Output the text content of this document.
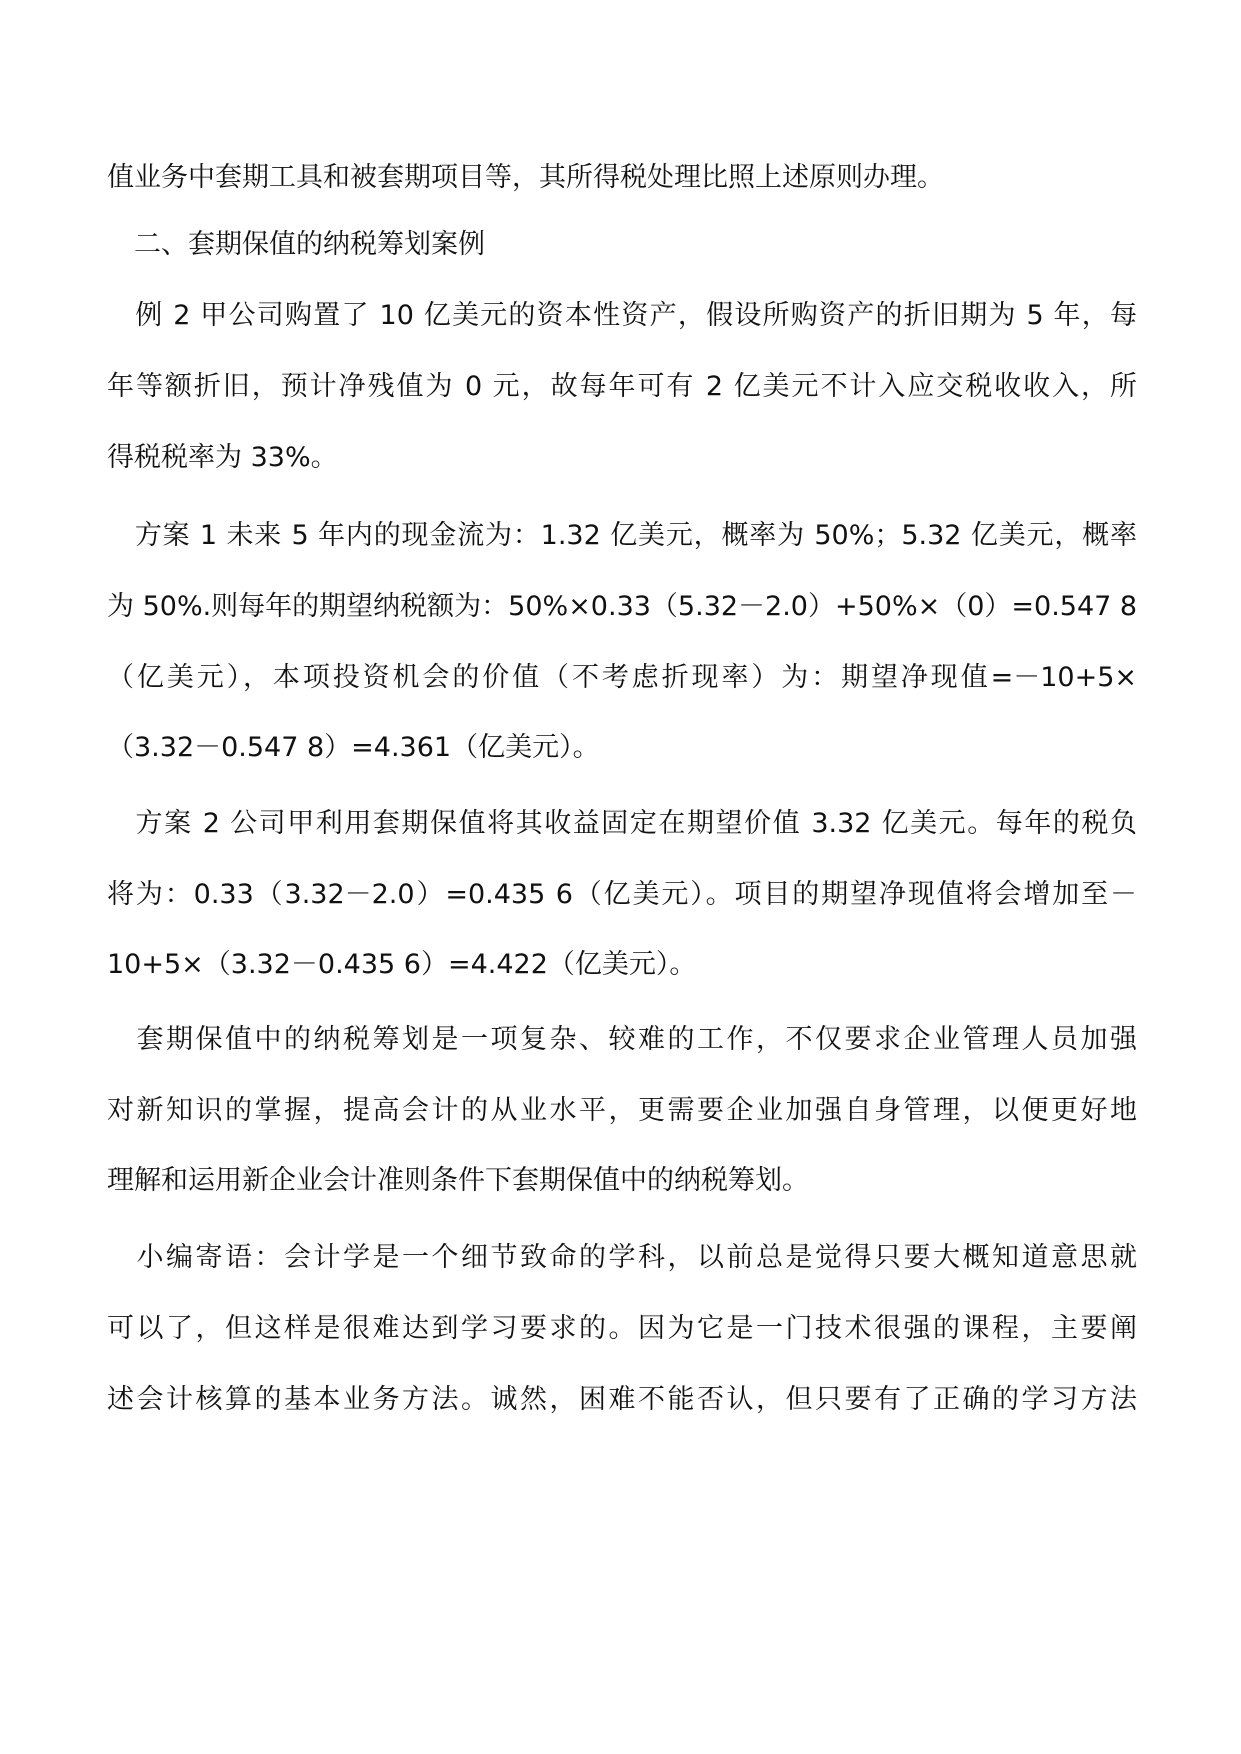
值业务中套期工具和被套期项目等，其所得税处理比照上述原则办理。
　二、套期保值的纳税筹划案例
　例 2 甲公司购置了 10 亿美元的资本性资产，假设所购资产的折旧期为 5 年，每
年等额折旧，预计净残值为 0 元，故每年可有 2 亿美元不计入应交税收收入，所
得税税率为 33%。
　方案 1 未来 5 年内的现金流为：1.32 亿美元，概率为 50%；5.32 亿美元，概率
为 50%.则每年的期望纳税额为：50%×0.33（5.32－2.0）+50%×（0）=0.547 8
（亿美元），本项投资机会的价值（不考虑折现率）为：期望净现值=－10+5×
（3.32－0.547 8）=4.361（亿美元）。
　方案 2 公司甲利用套期保值将其收益固定在期望价值 3.32 亿美元。每年的税负
将为：0.33（3.32－2.0）=0.435 6（亿美元）。项目的期望净现值将会增加至－
10+5×（3.32－0.435 6）=4.422（亿美元）。
　套期保值中的纳税筹划是一项复杂、较难的工作，不仅要求企业管理人员加强
对新知识的掌握，提高会计的从业水平，更需要企业加强自身管理，以便更好地
理解和运用新企业会计准则条件下套期保值中的纳税筹划。
　小编寄语：会计学是一个细节致命的学科，以前总是觉得只要大概知道意思就
可以了，但这样是很难达到学习要求的。因为它是一门技术很强的课程，主要阐
述会计核算的基本业务方法。诚然，困难不能否认，但只要有了正确的学习方法
